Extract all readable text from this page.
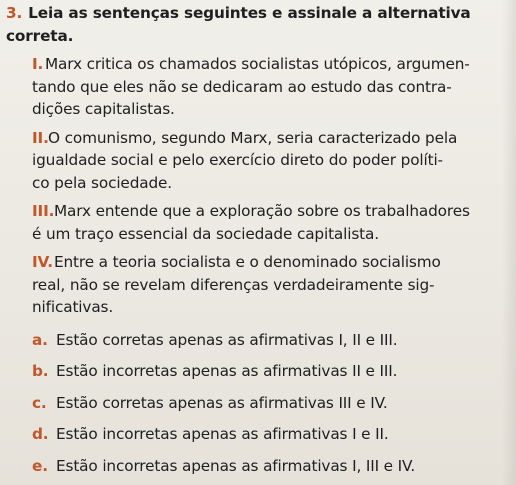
3. Leia as sentenças seguintes e assinale a alternativa correta.

I. Marx critica os chamados socialistas utópicos, argumen-
tando que eles não se dedicaram ao estudo das contra-
dições capitalistas.
II. O comunismo, segundo Marx, seria caracterizado pela
igualdade social e pelo exercício direto do poder políti-
co pela sociedade.
III. Marx entende que a exploração sobre os trabalhadores
é um traço essencial da sociedade capitalista.
IV. Entre a teoria socialista e o denominado socialismo
real, não se revelam diferenças verdadeiramente sig-
nificativas.
a. Estão corretas apenas as afirmativas I, II e III.
b. Estão incorretas apenas as afirmativas II e III.
c. Estão corretas apenas as afirmativas III e IV.
d. Estão incorretas apenas as afirmativas I e II.
e. Estão incorretas apenas as afirmativas I, III e IV.
